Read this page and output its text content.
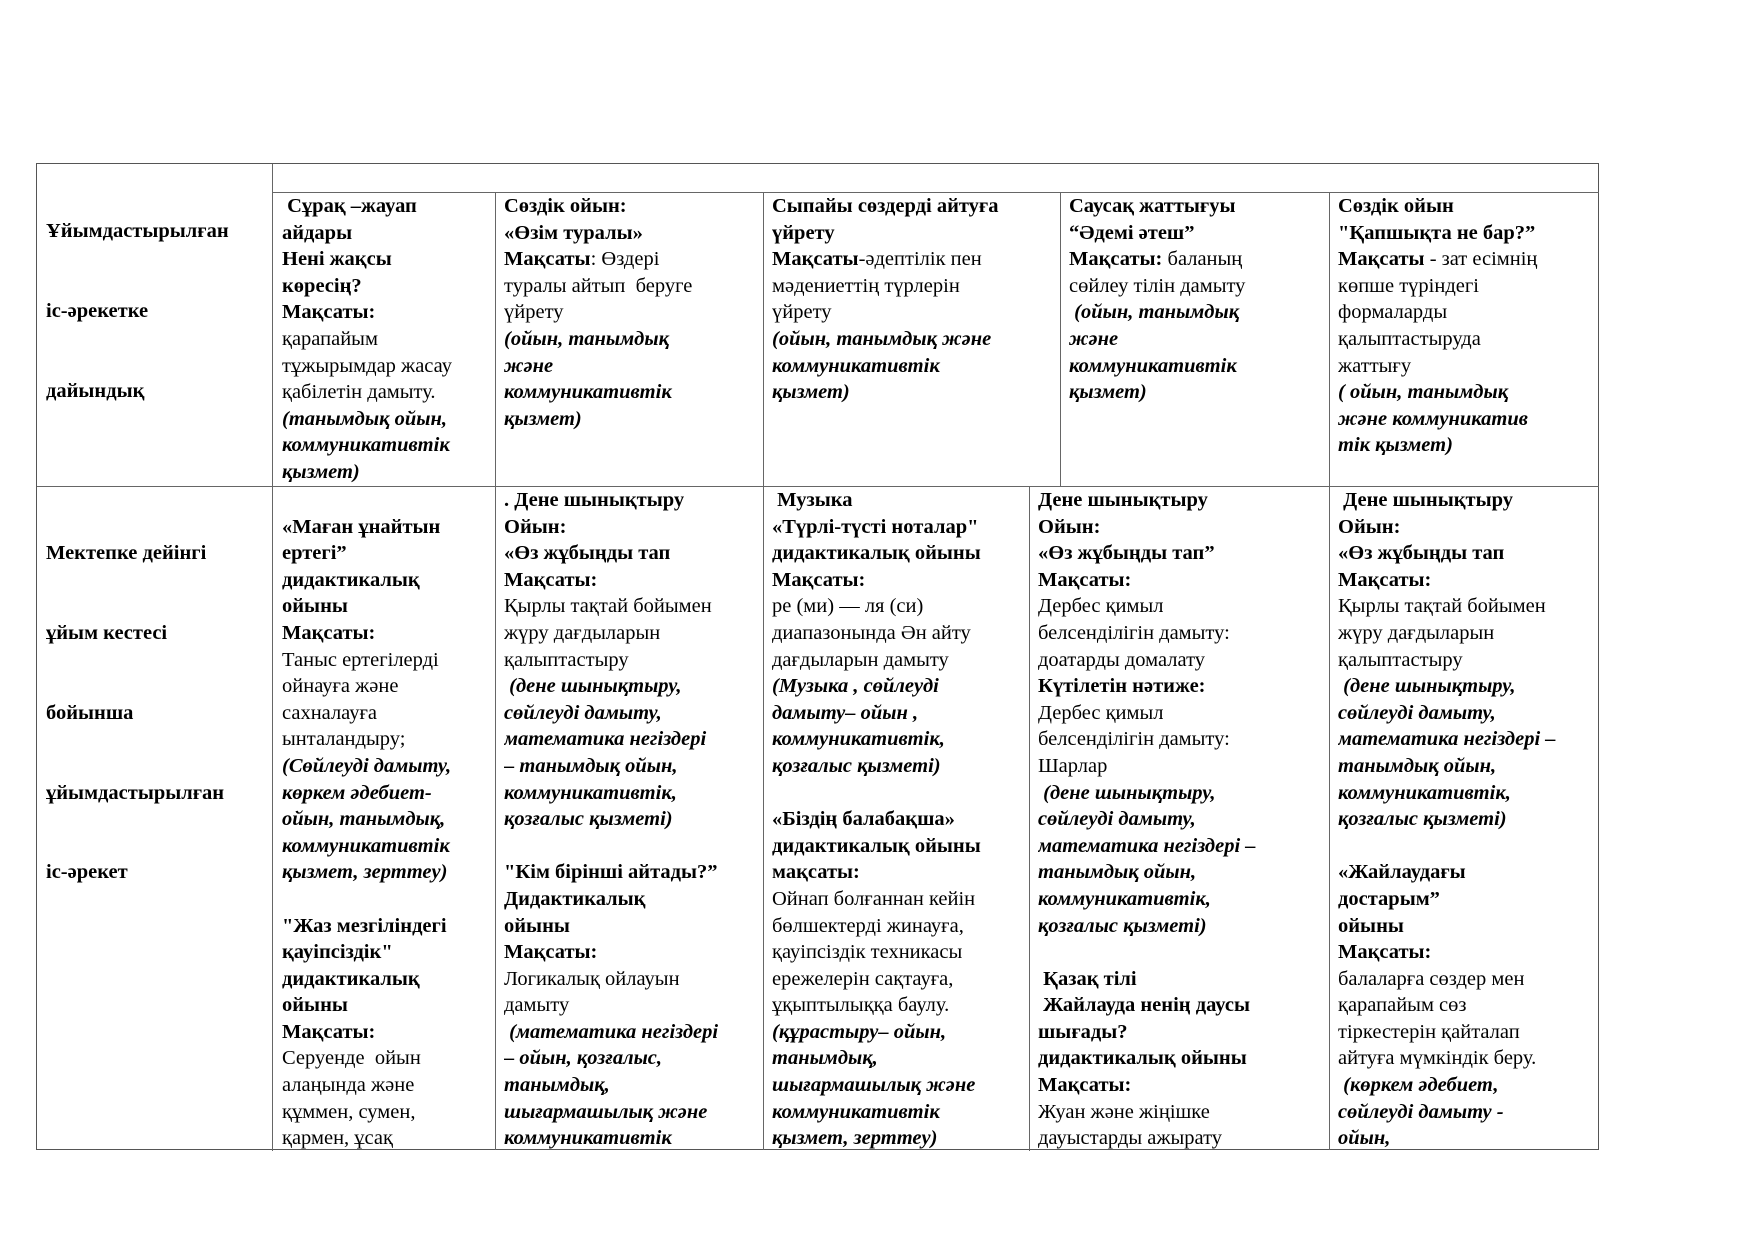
Ұйымдастырылған

іс-әрекетке

дайындық

Мектепке дейінгі

ұйым кестесі

бойынша

ұйымдастырылған

іс-әрекет

Сұрақ –жауап
айдары
Нені жақсы
көресің?
Мақсаты:
қарапайым
тұжырымдар жасау
қабілетін дамыту.
(танымдық ойын,
коммуникативтік
қызмет)
Сөздік ойын:
«Өзім туралы»
Мақсаты: Өздері
туралы айтып  беруге
үйрету
(ойын, танымдық
және
коммуникативтік
қызмет)
Сыпайы сөздерді айтуға
үйрету
Мақсаты-әдептілік пен
мәдениеттің түрлерін
үйрету
(ойын, танымдық және
коммуникативтік
қызмет)
Саусақ жаттығуы
“Әдемі әтеш”
Мақсаты: баланың
сөйлеу тілін дамыту
(ойын, танымдық
және
коммуникативтік
қызмет)
Сөздік ойын
"Қапшықта не бар?”
Мақсаты - зат есімнің
көпше түріндегі
формаларды
қалыптастыруда
жаттығу
( ойын, танымдық
және коммуникатив
тік қызмет)
«Маған ұнайтын
ертегі”
дидактикалық
ойыны
Мақсаты:
Таныс ертегілерді
ойнауға және
сахналауға
ынталандыру;
(Сөйлеуді дамыту,
көркем әдебиет-
ойын, танымдық,
коммуникативтік
қызмет, зерттеу)
"Жаз мезгіліндегі
қауіпсіздік"
дидактикалық
ойыны
Мақсаты:
Серуенде  ойын
алаңында және
құммен, сумен,
қармен, ұсақ
. Дене шынықтыру
Ойын:
«Өз жұбыңды тап
Мақсаты:
Қырлы тақтай бойымен
жүру дағдыларын
қалыптастыру
(дене шынықтыру,
сөйлеуді дамыту,
математика негіздері
– танымдық ойын,
коммуникативтік,
қозғалыс қызметі)
"Кім бірінші айтады?”
Дидактикалық
ойыны
Мақсаты:
Логикалық ойлауын
дамыту
(математика негіздері
– ойын, қозғалыс,
танымдық,
шығармашылық және
коммуникативтік
Музыка
«Түрлі-түсті ноталар"
дидактикалық ойыны
Мақсаты:
ре (ми) — ля (си)
диапазонында Ән айту
дағдыларын дамыту
(Музыка , сөйлеуді
дамыту– ойын ,
коммуникативтік,
қозғалыс қызметі)
«Біздің балабақша»
дидактикалық ойыны
мақсаты:
Ойнап болғаннан кейін
бөлшектерді жинауға,
қауіпсіздік техникасы
ережелерін сақтауға,
ұқыптылыққа баулу.
(құрастыру– ойын,
танымдық,
шығармашылық және
коммуникативтік
қызмет, зерттеу)
Дене шынықтыру
Ойын:
«Өз жұбыңды тап”
Мақсаты:
Дербес қимыл
белсенділігін дамыту:
доатарды домалату
Күтілетін нәтиже:
Дербес қимыл
белсенділігін дамыту:
Шарлар
(дене шынықтыру,
сөйлеуді дамыту,
математика негіздері –
танымдық ойын,
коммуникативтік,
қозғалыс қызметі)
Қазақ тілі
Жайлауда ненің даусы
шығады?
дидактикалық ойыны
Мақсаты:
Жуан және жіңішке
дауыстарды ажырату
Дене шынықтыру
Ойын:
«Өз жұбыңды тап
Мақсаты:
Қырлы тақтай бойымен
жүру дағдыларын
қалыптастыру
(дене шынықтыру,
сөйлеуді дамыту,
математика негіздері –
танымдық ойын,
коммуникативтік,
қозғалыс қызметі)
«Жайлаудағы
достарым”
ойыны
Мақсаты:
балаларға сөздер мен
қарапайым сөз
тіркестерін қайталап
айтуға мүмкіндік беру.
(көркем әдебиет,
сөйлеуді дамыту -
ойын,
